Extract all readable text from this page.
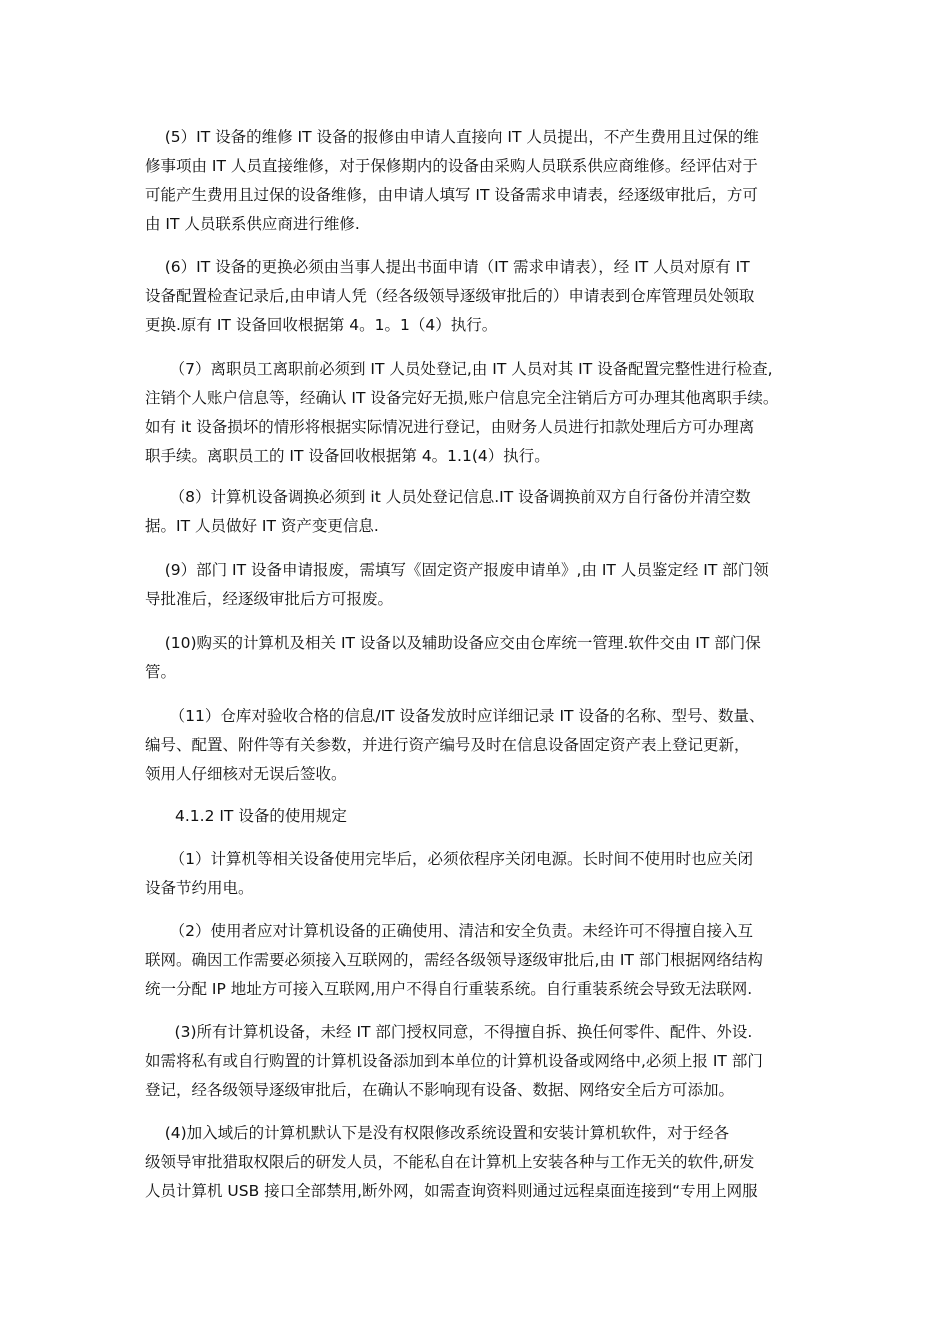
(5）IT 设备的维修 IT 设备的报修由申请人直接向 IT 人员提出，不产生费用且过保的维
修事项由 IT 人员直接维修，对于保修期内的设备由采购人员联系供应商维修。经评估对于
可能产生费用且过保的设备维修，由申请人填写 IT 设备需求申请表，经逐级审批后，方可
由 IT 人员联系供应商进行维修.
(6）IT 设备的更换必须由当事人提出书面申请（IT 需求申请表），经 IT 人员对原有 IT
设备配置检查记录后,由申请人凭（经各级领导逐级审批后的）申请表到仓库管理员处领取
更换.原有 IT 设备回收根据第 4。1。1（4）执行。
（7）离职员工离职前必须到 IT 人员处登记,由 IT 人员对其 IT 设备配置完整性进行检查,
注销个人账户信息等，经确认 IT 设备完好无损,账户信息完全注销后方可办理其他离职手续。
如有 it 设备损坏的情形将根据实际情况进行登记，由财务人员进行扣款处理后方可办理离
职手续。离职员工的 IT 设备回收根据第 4。1.1(4）执行。
（8）计算机设备调换必须到 it 人员处登记信息.IT 设备调换前双方自行备份并清空数
据。IT 人员做好 IT 资产变更信息.
(9）部门 IT 设备申请报废，需填写《固定资产报废申请单》,由 IT 人员鉴定经 IT 部门领
导批准后，经逐级审批后方可报废。
(10)购买的计算机及相关 IT 设备以及辅助设备应交由仓库统一管理.软件交由 IT 部门保
管。
（11）仓库对验收合格的信息/IT 设备发放时应详细记录 IT 设备的名称、型号、数量、
编号、配置、附件等有关参数，并进行资产编号及时在信息设备固定资产表上登记更新，
领用人仔细核对无误后签收。
4.1.2 IT 设备的使用规定
（1）计算机等相关设备使用完毕后，必须依程序关闭电源。长时间不使用时也应关闭
设备节约用电。
（2）使用者应对计算机设备的正确使用、清洁和安全负责。未经许可不得擅自接入互
联网。确因工作需要必须接入互联网的，需经各级领导逐级审批后,由 IT 部门根据网络结构
统一分配 IP 地址方可接入互联网,用户不得自行重装系统。自行重装系统会导致无法联网.
(3)所有计算机设备，未经 IT 部门授权同意，不得擅自拆、换任何零件、配件、外设.
如需将私有或自行购置的计算机设备添加到本单位的计算机设备或网络中,必须上报 IT 部门
登记，经各级领导逐级审批后，在确认不影响现有设备、数据、网络安全后方可添加。
(4)加入域后的计算机默认下是没有权限修改系统设置和安装计算机软件，对于经各
级领导审批猎取权限后的研发人员，不能私自在计算机上安装各种与工作无关的软件,研发
人员计算机 USB 接口全部禁用,断外网，如需查询资料则通过远程桌面连接到“专用上网服
